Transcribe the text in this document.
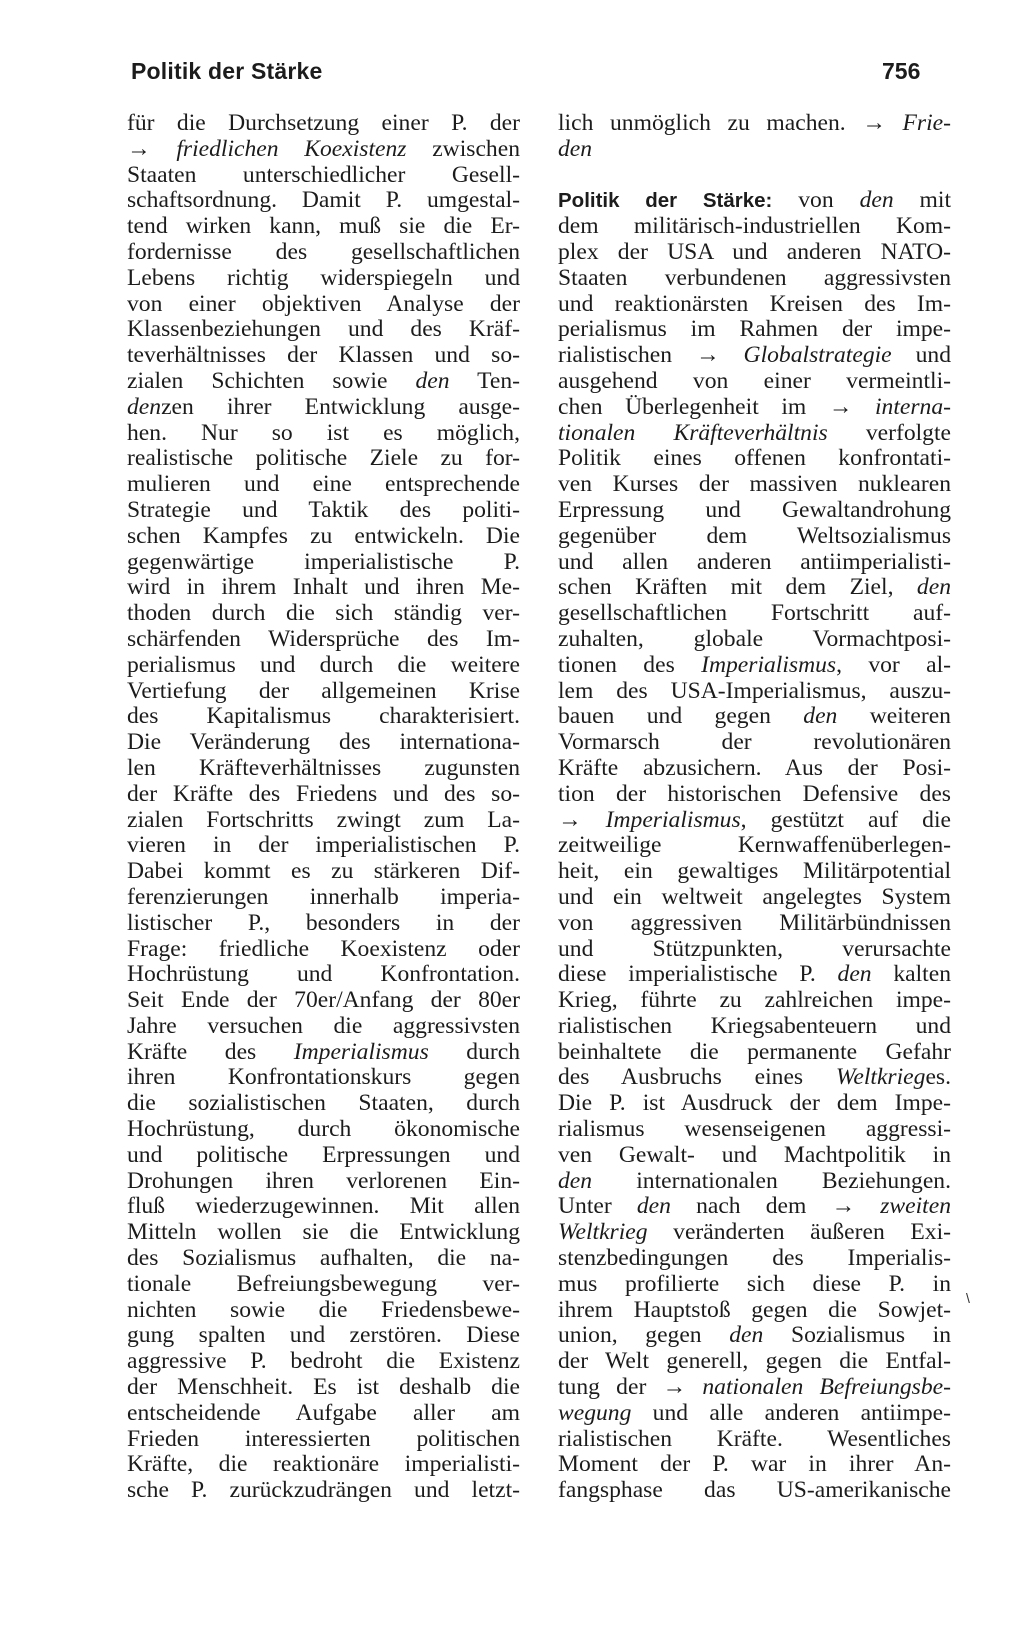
Politik der Stärke	756
für die Durchsetzung einer P. der
→ friedlichen Koexistenz zwischen
Staaten unterschiedlicher Gesell-
schaftsordnung. Damit P. umgestal-
tend wirken kann, muß sie die Er-
fordernisse des gesellschaftlichen
Lebens richtig widerspiegeln und
von einer objektiven Analyse der
Klassenbeziehungen und des Kräf-
teverhältnisses der Klassen und so-
zialen Schichten sowie den Ten-
denzen ihrer Entwicklung ausge-
hen. Nur so ist es möglich,
realistische politische Ziele zu for-
mulieren und eine entsprechende
Strategie und Taktik des politi-
schen Kampfes zu entwickeln. Die
gegenwärtige imperialistische P.
wird in ihrem Inhalt und ihren Me-
thoden durch die sich ständig ver-
schärfenden Widersprüche des Im-
perialismus und durch die weitere
Vertiefung der allgemeinen Krise
des Kapitalismus charakterisiert.
Die Veränderung des internationa-
len Kräfteverhältnisses zugunsten
der Kräfte des Friedens und des so-
zialen Fortschritts zwingt zum La-
vieren in der imperialistischen P.
Dabei kommt es zu stärkeren Dif-
ferenzierungen innerhalb imperia-
listischer P., besonders in der
Frage: friedliche Koexistenz oder
Hochrüstung und Konfrontation.
Seit Ende der 70er/Anfang der 80er
Jahre versuchen die aggressivsten
Kräfte des Imperialismus durch
ihren Konfrontationskurs gegen
die sozialistischen Staaten, durch
Hochrüstung, durch ökonomische
und politische Erpressungen und
Drohungen ihren verlorenen Ein-
fluß wiederzugewinnen. Mit allen
Mitteln wollen sie die Entwicklung
des Sozialismus aufhalten, die na-
tionale Befreiungsbewegung ver-
nichten sowie die Friedensbewe-
gung spalten und zerstören. Diese
aggressive P. bedroht die Existenz
der Menschheit. Es ist deshalb die
entscheidende Aufgabe aller am
Frieden interessierten politischen
Kräfte, die reaktionäre imperialisti-
sche P. zurückzudrängen und letzt-
lich unmöglich zu machen. → Frie-
den

Politik der Stärke: von den mit
dem militärisch-industriellen Kom-
plex der USA und anderen NATO-
Staaten verbundenen aggressivsten
und reaktionärsten Kreisen des Im-
perialismus im Rahmen der impe-
rialistischen → Globalstrategie und
ausgehend von einer vermeintli-
chen Überlegenheit im → interna-
tionalen Kräfteverhältnis verfolgte
Politik eines offenen konfrontati-
ven Kurses der massiven nuklearen
Erpressung und Gewaltandrohung
gegenüber dem Weltsozialismus
und allen anderen antiimperialisti-
schen Kräften mit dem Ziel, den
gesellschaftlichen Fortschritt auf-
zuhalten, globale Vormachtposi-
tionen des Imperialismus, vor al-
lem des USA-Imperialismus, auszu-
bauen und gegen den weiteren
Vormarsch der revolutionären
Kräfte abzusichern. Aus der Posi-
tion der historischen Defensive des
→ Imperialismus, gestützt auf die
zeitweilige Kernwaffenüberlegen-
heit, ein gewaltiges Militärpotential
und ein weltweit angelegtes System
von aggressiven Militärbündnissen
und Stützpunkten, verursachte
diese imperialistische P. den kalten
Krieg, führte zu zahlreichen impe-
rialistischen Kriegsabenteuern und
beinhaltete die permanente Gefahr
des Ausbruchs eines Weltkrieges.
Die P. ist Ausdruck der dem Impe-
rialismus wesenseigenen aggressi-
ven Gewalt- und Machtpolitik in
den internationalen Beziehungen.
Unter den nach dem → zweiten
Weltkrieg veränderten äußeren Exi-
stenzbedingungen des Imperialis-
mus profilierte sich diese P. in
ihrem Hauptstoß gegen die Sowjet-
union, gegen den Sozialismus in
der Welt generell, gegen die Entfal-
tung der → nationalen Befreiungsbe-
wegung und alle anderen antiimpe-
rialistischen Kräfte. Wesentliches
Moment der P. war in ihrer An-
fangsphase das US-amerikanische
\
